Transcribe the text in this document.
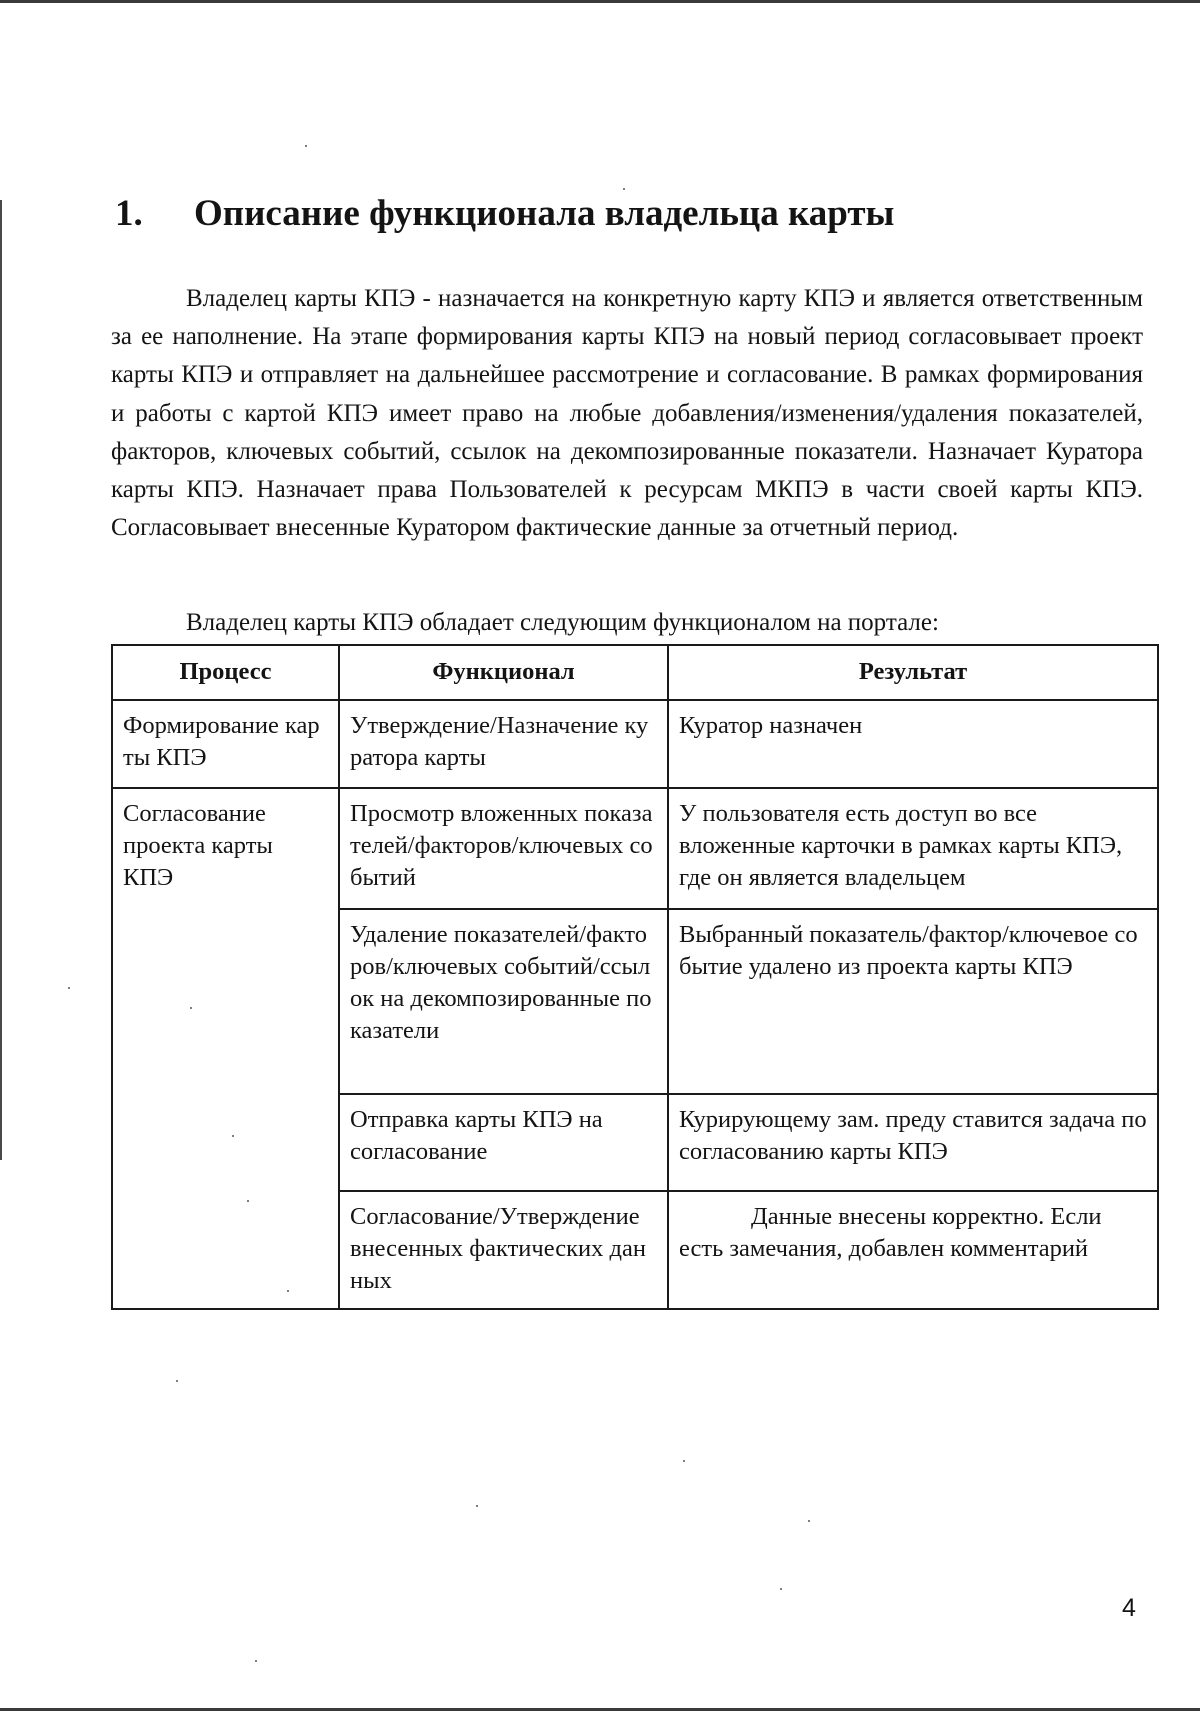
1. Описание функционала владельца карты

Владелец карты КПЭ - назначается на конкретную карту КПЭ и является ответственным за ее наполнение. На этапе формирования карты КПЭ на новый период согласовывает проект карты КПЭ и отправляет на дальнейшее рассмотрение и согласование. В рамках формирования и работы с картой КПЭ имеет право на любые добавления/изменения/удаления показателей, факторов, ключевых событий, ссылок на декомпозированные показатели. Назначает Куратора карты КПЭ. Назначает права Пользователей к ресурсам МКПЭ в части своей карты КПЭ. Согласовывает внесенные Куратором фактические данные за отчетный период.

Владелец карты КПЭ обладает следующим функционалом на портале:

Процесс	Функционал	Результат
Формирование карты КПЭ	Утверждение/Назначение куратора карты	Куратор назначен
Согласование проекта карты КПЭ	Просмотр вложенных показателей/факторов/ключевых событий	У пользователя есть доступ во все вложенные карточки в рамках карты КПЭ, где он является владельцем
	Удаление показателей/факторов/ключевых событий/ссылок на декомпозированные показатели	Выбранный показатель/фактор/ключевое событие удалено из проекта карты КПЭ
	Отправка карты КПЭ на согласование	Курирующему зам. преду ставится задача по согласованию карты КПЭ
	Согласование/Утверждение внесенных фактических данных	Данные внесены корректно. Если есть замечания, добавлен комментарий
4
